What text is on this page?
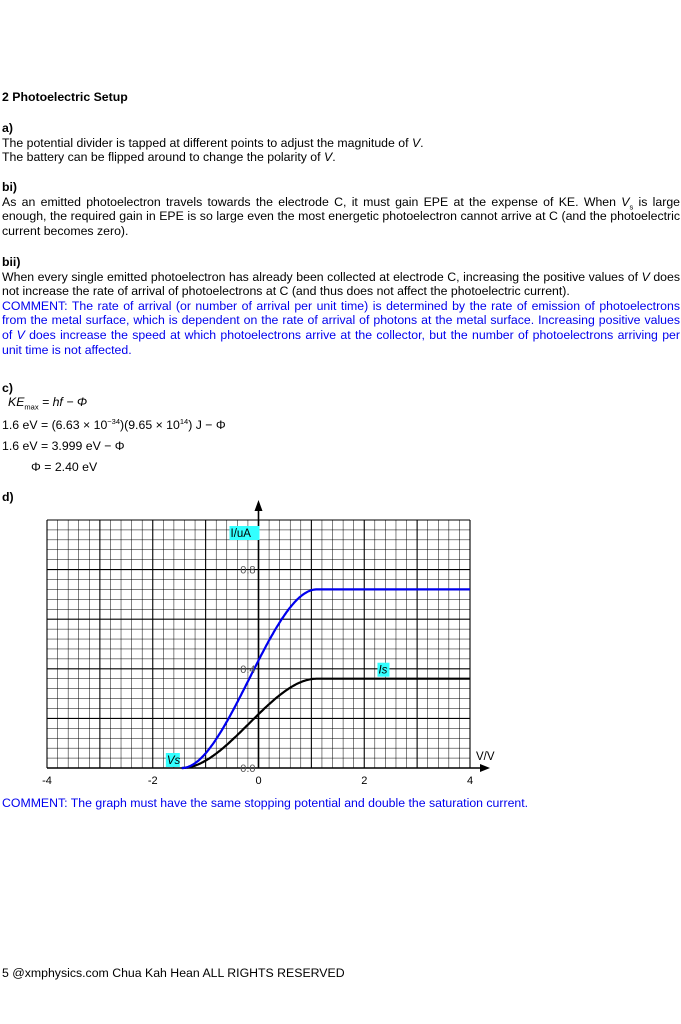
2 Photoelectric Setup

a)

The potential divider is tapped at different points to adjust the magnitude of V.

The battery can be flipped around to change the polarity of V.

bi)

As an emitted photoelectron travels towards the electrode C, it must gain EPE at the expense of KE. When $V_s$ is large enough, the required gain in EPE is so large even the most energetic photoelectron cannot arrive at C (and the photoelectric current becomes zero).

bii)

When every single emitted photoelectron has already been collected at electrode C, increasing the positive values of V does not increase the rate of arrival of photoelectrons at C (and thus does not affect the photoelectric current).

COMMENT: The rate of arrival (or number of arrival per unit time) is determined by the rate of emission of photoelectrons from the metal surface, which is dependent on the rate of arrival of photons at the metal surface. Increasing positive values of V does increase the speed at which photoelectrons arrive at the collector, but the number of photoelectrons arriving per unit time is not affected.

c)
$KE_{max}$ = hf − Φ
1.6 eV = $(6.63 \times 10^{-34})(9.65 \times 10^{14})$ J − Φ
1.6 eV = 3.999 eV − Φ
Φ = 2.40 eV
d)
-4	-2	0	2	4
0.0
0.4
0.8
I/uA
Is
Vs	V/V
COMMENT: The graph must have the same stopping potential and double the saturation current.
5 @xmphysics.com Chua Kah Hean ALL RIGHTS RESERVED
